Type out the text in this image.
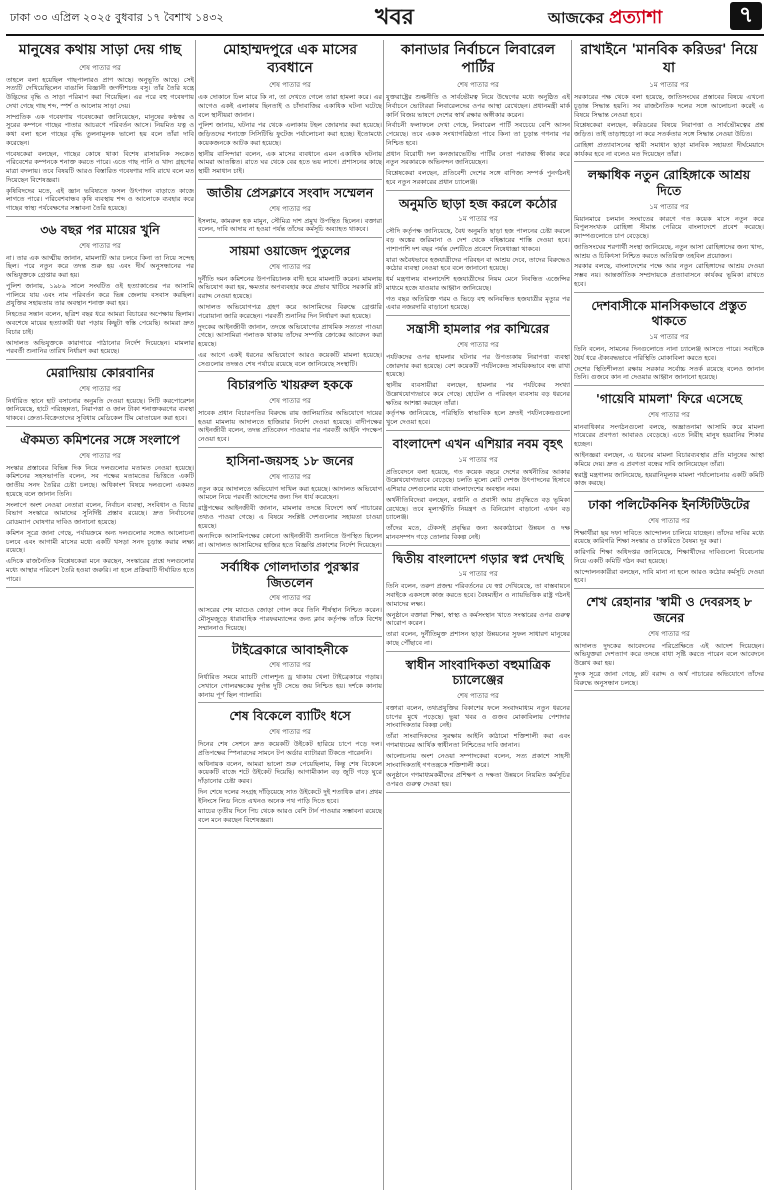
ঢাকা ৩০ এপ্রিল ২০২৫ বুধবার ১৭ বৈশাখ ১৪৩২	খবর	আজকের প্রত্যাশা	৭
মানুষের কথায় সাড়া দেয় গাছ
শেষ পাতার পর

তাহলে বলা হয়েছিল গাছপালারও প্রাণ আছে। অনুভূতি আছে। সেই সত্যটি দেখিয়েছিলেন বাঙালি বিজ্ঞানী জগদীশচন্দ্র বসু। তাঁর তৈরি যন্ত্রে উদ্ভিদের বৃদ্ধি ও সাড়া পরিমাপ করা গিয়েছিল। এর পরে বহু গবেষণায় দেখা গেছে গাছ শব্দ, স্পর্শ ও আলোয় সাড়া দেয়।

সাম্প্রতিক এক গবেষণায় গবেষকেরা জানিয়েছেন, মানুষের কণ্ঠস্বর ও সুরের কম্পনে গাছের পাতার আচরণে পরিবর্তন আসে। নিয়মিত যত্ন ও কথা বলা হলে গাছের বৃদ্ধি তুলনামূলক ভালো হয় বলে তাঁরা দাবি করেছেন।

গবেষকেরা বলছেন, গাছের কোষে থাকা বিশেষ রাসায়নিক সংকেত পরিবেশের কম্পনকে শনাক্ত করতে পারে। এতে গাছ পানি ও খাদ্য গ্রহণের মাত্রা বদলায়। তবে বিষয়টি আরও বিস্তারিত গবেষণার দাবি রাখে বলে মত দিয়েছেন বিশেষজ্ঞরা।

কৃষিবিদদের মতে, এই জ্ঞান ভবিষ্যতে ফসল উৎপাদন বাড়াতে কাজে লাগতে পারে। পরিবেশবান্ধব কৃষি ব্যবস্থায় শব্দ ও আলোকে ব্যবহার করে গাছের স্বাস্থ্য পর্যবেক্ষণের সম্ভাবনা তৈরি হয়েছে।

৩৬ বছর পর মায়ের খুনি
শেষ পাতার পর

না। তার এক আত্মীয় জানান, মামলাটি আর চলবে কিনা তা নিয়ে সন্দেহ ছিল। পরে নতুন করে তদন্ত শুরু হয় এবং দীর্ঘ অনুসন্ধানের পর অভিযুক্তকে গ্রেপ্তার করা হয়।

পুলিশ জানায়, ১৯৮৯ সালে সংঘটিত ওই হত্যাকাণ্ডের পর আসামি পালিয়ে যায় এবং নাম পরিবর্তন করে ভিন্ন জেলায় বসবাস করছিল। প্রযুক্তির সহায়তায় তার অবস্থান শনাক্ত করা হয়।

নিহতের সন্তান বলেন, ছত্রিশ বছর ধরে আমরা বিচারের অপেক্ষায় ছিলাম। অবশেষে মায়ের হত্যাকারী ধরা পড়ায় কিছুটা স্বস্তি পেয়েছি। আমরা দ্রুত বিচার চাই।

আদালত অভিযুক্তকে কারাগারে পাঠানোর নির্দেশ দিয়েছেন। মামলার পরবর্তী শুনানির তারিখ নির্ধারণ করা হয়েছে।

মেরাদিয়ায় কোরবানির
শেষ পাতার পর

নির্ধারিত স্থানে হাট বসানোর অনুমতি দেওয়া হয়েছে। সিটি করপোরেশন জানিয়েছে, হাটে পরিচ্ছন্নতা, নিরাপত্তা ও জাল টাকা শনাক্তকরণের ব্যবস্থা থাকবে। ক্রেতা-বিক্রেতাদের সুবিধায় মেডিকেল টিম মোতায়েন করা হবে।

ঐকমত্য কমিশনের সঙ্গে সংলাপে
শেষ পাতার পর

সংস্কার প্রস্তাবের বিভিন্ন দিক নিয়ে দলগুলোর মতামত নেওয়া হয়েছে। কমিশনের সহসভাপতি বলেন, সব পক্ষের মতামতের ভিত্তিতে একটি জাতীয় সনদ তৈরির চেষ্টা চলছে। অধিকাংশ বিষয়ে দলগুলো একমত হয়েছে বলে জানান তিনি।

সংলাপে অংশ নেওয়া নেতারা বলেন, নির্বাচন ব্যবস্থা, সংবিধান ও বিচার বিভাগ সংস্কারে আমাদের সুনির্দিষ্ট প্রস্তাব রয়েছে। দ্রুত নির্বাচনের রোডম্যাপ ঘোষণার দাবিও জানানো হয়েছে।

কমিশন সূত্রে জানা গেছে, পর্যায়ক্রমে অন্য দলগুলোর সঙ্গেও আলোচনা চলবে এবং আগামী মাসের মধ্যে একটি খসড়া সনদ চূড়ান্ত করার লক্ষ্য রয়েছে।

এদিকে রাজনৈতিক বিশ্লেষকেরা মনে করছেন, সংস্কারের প্রশ্নে দলগুলোর মধ্যে আস্থার পরিবেশ তৈরি হওয়া জরুরি। না হলে প্রক্রিয়াটি দীর্ঘায়িত হতে পারে।

মোহাম্মদপুরে এক মাসের ব্যবধানে
শেষ পাতার পর

এক দোকানে ঢিল মারে কি না, তা দেখতে গেলে তারা হামলা করে। এর আগেও একই এলাকায় ছিনতাই ও চাঁদাবাজির একাধিক ঘটনা ঘটেছে বলে স্থানীয়রা জানান।

পুলিশ জানায়, ঘটনার পর থেকে এলাকায় টহল জোরদার করা হয়েছে। জড়িতদের শনাক্তে সিসিটিভি ফুটেজ পর্যালোচনা করা হচ্ছে। ইতোমধ্যে কয়েকজনকে আটক করা হয়েছে।

স্থানীয় বাসিন্দারা বলেন, এক মাসের ব্যবধানে এমন একাধিক ঘটনায় আমরা আতঙ্কিত। রাতে ঘর থেকে বের হতে ভয় লাগে। প্রশাসনের কাছে স্থায়ী সমাধান চাই।

জাতীয় প্রেসক্লাবে সংবাদ সম্মেলন
শেষ পাতার পর

ইসলাম, কামরুল হক মামুন, সৌমিত্র দাশ প্রমুখ উপস্থিত ছিলেন। বক্তারা বলেন, দাবি আদায় না হওয়া পর্যন্ত তাঁদের কর্মসূচি অব্যাহত থাকবে।

সায়মা ওয়াজেদ পুতুলের
শেষ পাতার পর

দুর্নীতি দমন কমিশনের উপপরিচালক বাদী হয়ে মামলাটি করেন। মামলায় অভিযোগ করা হয়, ক্ষমতার অপব্যবহার করে প্রভাব খাটিয়ে সরকারি প্লট বরাদ্দ নেওয়া হয়েছে।

আদালত অভিযোগপত্র গ্রহণ করে আসামিদের বিরুদ্ধে গ্রেপ্তারি পরোয়ানা জারি করেছেন। পরবর্তী শুনানির দিন নির্ধারণ করা হয়েছে।

দুদকের আইনজীবী জানান, তদন্তে অভিযোগের প্রাথমিক সত্যতা পাওয়া গেছে। আসামিরা পলাতক থাকায় তাঁদের সম্পত্তি ক্রোকের আবেদন করা হয়েছে।

এর আগে একই ধরনের অভিযোগে আরও কয়েকটি মামলা হয়েছে। সেগুলোর তদন্তও শেষ পর্যায়ে রয়েছে বলে জানিয়েছে সংস্থাটি।

বিচারপতি খায়রুল হককে
শেষ পাতার পর

সাবেক প্রধান বিচারপতির বিরুদ্ধে রায় জালিয়াতির অভিযোগে দায়ের হওয়া মামলায় আদালতে হাজিরার নির্দেশ দেওয়া হয়েছে। বাদীপক্ষের আইনজীবী বলেন, তদন্ত প্রতিবেদন পাওয়ার পর পরবর্তী আইনি পদক্ষেপ নেওয়া হবে।

হাসিনা-জয়সহ ১৮ জনের
শেষ পাতার পর

নতুন করে আদালতে অভিযোগ দাখিল করা হয়েছে। আদালত অভিযোগ আমলে নিয়ে পরবর্তী আদেশের জন্য দিন ধার্য করেছেন।

রাষ্ট্রপক্ষের আইনজীবী জানান, মামলার তদন্তে বিদেশে অর্থ পাচারের তথ্যও পাওয়া গেছে। এ বিষয়ে সংশ্লিষ্ট দেশগুলোর সহায়তা চাওয়া হয়েছে।

অন্যদিকে আসামিপক্ষের কোনো আইনজীবী শুনানিতে উপস্থিত ছিলেন না। আদালত আসামিদের হাজির হতে বিজ্ঞপ্তি প্রকাশের নির্দেশ দিয়েছেন।

সর্বাধিক গোলদাতার পুরস্কার জিতলেন
শেষ পাতার পর

আসরের শেষ ম্যাচেও জোড়া গোল করে তিনি শীর্ষস্থান নিশ্চিত করেন। মৌসুমজুড়ে ধারাবাহিক পারফরম্যান্সের জন্য ক্লাব কর্তৃপক্ষ তাঁকে বিশেষ সম্মাননাও দিয়েছে।

টাইব্রেকারে আবাহনীকে
শেষ পাতার পর

নির্ধারিত সময়ে ম্যাচটি গোলশূন্য ড্র থাকায় খেলা টাইব্রেকারে গড়ায়। সেখানে গোলরক্ষকের দুর্দান্ত দুটি সেভে জয় নিশ্চিত হয়। দর্শকে কানায় কানায় পূর্ণ ছিল গ্যালারি।

শেষ বিকেলে ব্যাটিং ধসে
শেষ পাতার পর

দিনের শেষ সেশনে দ্রুত কয়েকটি উইকেট হারিয়ে চাপে পড়ে দল। প্রতিপক্ষের স্পিনারদের সামনে টপ অর্ডার ব্যাটাররা টিকতে পারেননি।

অধিনায়ক বলেন, আমরা ভালো শুরু পেয়েছিলাম, কিন্তু শেষ বিকেলে কয়েকটি বাজে শটে উইকেট দিয়েছি। আগামীকাল বড় জুটি গড়ে ঘুরে দাঁড়ানোর চেষ্টা করব।

দিন শেষে দলের সংগ্রহ দাঁড়িয়েছে সাত উইকেটে দুই শতাধিক রান। প্রথম ইনিংসে লিড নিতে এখনও অনেক পথ পাড়ি দিতে হবে।

ম্যাচের তৃতীয় দিনে পিচ থেকে আরও বেশি টার্ন পাওয়ার সম্ভাবনা রয়েছে বলে মনে করছেন বিশেষজ্ঞরা।

কানাডার নির্বাচনে লিবারেল পার্টির
শেষ পাতার পর

যুক্তরাষ্ট্রের শুল্কনীতি ও সার্বভৌমত্ব নিয়ে উদ্বেগের মধ্যে অনুষ্ঠিত এই নির্বাচনে ভোটাররা লিবারেলদের ওপর আস্থা রেখেছেন। প্রধানমন্ত্রী মার্ক কার্নি বিজয় ভাষণে দেশের স্বার্থ রক্ষার অঙ্গীকার করেন।

নির্বাচনী ফলাফলে দেখা গেছে, লিবারেল পার্টি সবচেয়ে বেশি আসন পেয়েছে। তবে একক সংখ্যাগরিষ্ঠতা পাবে কিনা তা চূড়ান্ত গণনার পর নিশ্চিত হবে।

প্রধান বিরোধী দল কনজারভেটিভ পার্টির নেতা পরাজয় স্বীকার করে নতুন সরকারকে অভিনন্দন জানিয়েছেন।

বিশ্লেষকেরা বলছেন, প্রতিবেশী দেশের সঙ্গে বাণিজ্য সম্পর্ক পুনর্গঠনই হবে নতুন সরকারের প্রধান চ্যালেঞ্জ।

অনুমতি ছাড়া হজ করলে কঠোর
১ম পাতার পর

সৌদি কর্তৃপক্ষ জানিয়েছে, বৈধ অনুমতি ছাড়া হজ পালনের চেষ্টা করলে বড় অঙ্কের জরিমানা ও দেশ থেকে বহিষ্কারের শাস্তি দেওয়া হবে। পাশাপাশি দশ বছর পর্যন্ত দেশটিতে প্রবেশে নিষেধাজ্ঞা থাকবে।

যারা অবৈধভাবে হজযাত্রীদের পরিবহন বা আশ্রয় দেবে, তাদের বিরুদ্ধেও কঠোর ব্যবস্থা নেওয়া হবে বলে জানানো হয়েছে।

ধর্ম মন্ত্রণালয় বাংলাদেশি হজযাত্রীদের নিয়ম মেনে নিবন্ধিত এজেন্সির মাধ্যমে হজে যাওয়ার আহ্বান জানিয়েছে।

গত বছর অতিরিক্ত গরম ও ভিড়ে বহু অনিবন্ধিত হজযাত্রীর মৃত্যুর পর এবার নজরদারি বাড়ানো হয়েছে।

সন্ত্রাসী হামলার পর কাশ্মিরের
শেষ পাতার পর

পর্যটকদের ওপর হামলার ঘটনার পর উপত্যকায় নিরাপত্তা ব্যবস্থা জোরদার করা হয়েছে। বেশ কয়েকটি পর্যটনকেন্দ্র সাময়িকভাবে বন্ধ রাখা হয়েছে।

স্থানীয় ব্যবসায়ীরা বলছেন, হামলার পর পর্যটকের সংখ্যা উল্লেখযোগ্যভাবে কমে গেছে। হোটেল ও পরিবহন ব্যবসায় বড় ধরনের ক্ষতির আশঙ্কা করছেন তাঁরা।

কর্তৃপক্ষ জানিয়েছে, পরিস্থিতি স্বাভাবিক হলে দ্রুতই পর্যটনকেন্দ্রগুলো খুলে দেওয়া হবে।

বাংলাদেশ এখন এশিয়ার নবম বৃহৎ
১ম পাতার পর

প্রতিবেদনে বলা হয়েছে, গত কয়েক বছরে দেশের অর্থনীতির আকার উল্লেখযোগ্যভাবে বেড়েছে। চলতি মূল্যে মোট দেশজ উৎপাদনের হিসাবে এশিয়ার দেশগুলোর মধ্যে বাংলাদেশের অবস্থান নবম।

অর্থনীতিবিদেরা বলছেন, রপ্তানি ও প্রবাসী আয় প্রবৃদ্ধিতে বড় ভূমিকা রেখেছে। তবে মূল্যস্ফীতি নিয়ন্ত্রণ ও বিনিয়োগ বাড়ানো এখন বড় চ্যালেঞ্জ।

তাঁদের মতে, টেকসই প্রবৃদ্ধির জন্য অবকাঠামো উন্নয়ন ও দক্ষ মানবসম্পদ গড়ে তোলার বিকল্প নেই।

দ্বিতীয় বাংলাদেশ গড়ার স্বপ্ন দেখছি
১ম পাতার পর

তিনি বলেন, তরুণ প্রজন্ম পরিবর্তনের যে স্বপ্ন দেখিয়েছে, তা বাস্তবায়নে সবাইকে একসঙ্গে কাজ করতে হবে। বৈষম্যহীন ও ন্যায়ভিত্তিক রাষ্ট্র গঠনই আমাদের লক্ষ্য।

অনুষ্ঠানে বক্তারা শিক্ষা, স্বাস্থ্য ও কর্মসংস্থান খাতে সংস্কারের ওপর গুরুত্ব আরোপ করেন।

তারা বলেন, দুর্নীতিমুক্ত প্রশাসন ছাড়া উন্নয়নের সুফল সাধারণ মানুষের কাছে পৌঁছাবে না।

স্বাধীন সাংবাদিকতা বহুমাত্রিক চ্যালেঞ্জের
শেষ পাতার পর

বক্তারা বলেন, তথ্যপ্রযুক্তির বিকাশের ফলে সংবাদমাধ্যম নতুন ধরনের চাপের মুখে পড়েছে। ভুয়া খবর ও গুজব মোকাবিলায় পেশাদার সাংবাদিকতার বিকল্প নেই।

তাঁরা সাংবাদিকদের সুরক্ষায় আইনি কাঠামো শক্তিশালী করা এবং গণমাধ্যমের আর্থিক স্বাধীনতা নিশ্চিতের দাবি জানান।

আলোচনায় অংশ নেওয়া সম্পাদকেরা বলেন, সত্য প্রকাশে সাহসী সাংবাদিকতাই গণতন্ত্রকে শক্তিশালী করে।

অনুষ্ঠানে গণমাধ্যমকর্মীদের প্রশিক্ষণ ও দক্ষতা উন্নয়নে নিয়মিত কর্মসূচির ওপরও গুরুত্ব দেওয়া হয়।

রাখাইনে 'মানবিক করিডর' নিয়ে যা
১ম পাতার পর

সরকারের পক্ষ থেকে বলা হয়েছে, জাতিসংঘের প্রস্তাবের বিষয়ে এখনো চূড়ান্ত সিদ্ধান্ত হয়নি। সব রাজনৈতিক দলের সঙ্গে আলোচনা করেই এ বিষয়ে সিদ্ধান্ত নেওয়া হবে।

বিশ্লেষকেরা বলছেন, করিডরের বিষয়ে নিরাপত্তা ও সার্বভৌমত্বের প্রশ্ন জড়িত। তাই তাড়াহুড়ো না করে সতর্কতার সঙ্গে সিদ্ধান্ত নেওয়া উচিত।

রোহিঙ্গা প্রত্যাবাসনের স্থায়ী সমাধান ছাড়া মানবিক সহায়তা দীর্ঘমেয়াদে কার্যকর হবে না বলেও মত দিয়েছেন তাঁরা।

লক্ষাধিক নতুন রোহিঙ্গাকে আশ্রয় দিতে
১ম পাতার পর

মিয়ানমারে চলমান সংঘাতের কারণে গত কয়েক মাসে নতুন করে বিপুলসংখ্যক রোহিঙ্গা সীমান্ত পেরিয়ে বাংলাদেশে প্রবেশ করেছে। ক্যাম্পগুলোতে চাপ বেড়েছে।

জাতিসংঘের শরণার্থী সংস্থা জানিয়েছে, নতুন আসা রোহিঙ্গাদের জন্য খাদ্য, আশ্রয় ও চিকিৎসা নিশ্চিত করতে অতিরিক্ত তহবিল প্রয়োজন।

সরকার বলছে, বাংলাদেশের পক্ষে আর নতুন রোহিঙ্গাদের আশ্রয় দেওয়া সম্ভব নয়। আন্তর্জাতিক সম্প্রদায়কে প্রত্যাবাসনে কার্যকর ভূমিকা রাখতে হবে।

দেশবাসীকে মানসিকভাবে প্রস্তুত থাকতে
১ম পাতার পর

তিনি বলেন, সামনের দিনগুলোতে নানা চ্যালেঞ্জ আসতে পারে। সবাইকে ধৈর্য ধরে ঐক্যবদ্ধভাবে পরিস্থিতি মোকাবিলা করতে হবে।

দেশের স্থিতিশীলতা রক্ষায় সরকার সর্বোচ্চ সতর্ক রয়েছে বলেও জানান তিনি। গুজবে কান না দেওয়ার আহ্বান জানানো হয়েছে।

'গায়েবি মামলা' ফিরে এসেছে
শেষ পাতার পর

মানবাধিকার সংগঠনগুলো বলছে, অজ্ঞাতনামা আসামি করে মামলা দায়েরের প্রবণতা আবারও বেড়েছে। এতে নিরীহ মানুষ হয়রানির শিকার হচ্ছেন।

আইনজ্ঞরা বলছেন, এ ধরনের মামলা বিচারব্যবস্থার প্রতি মানুষের আস্থা কমিয়ে দেয়। দ্রুত এ প্রবণতা বন্ধের দাবি জানিয়েছেন তাঁরা।

স্বরাষ্ট্র মন্ত্রণালয় জানিয়েছে, হয়রানিমূলক মামলা পর্যালোচনায় একটি কমিটি কাজ করছে।

ঢাকা পলিটেকনিক ইনস্টিটিউটের
শেষ পাতার পর

শিক্ষার্থীরা ছয় দফা দাবিতে আন্দোলন চালিয়ে যাচ্ছেন। তাঁদের দাবির মধ্যে রয়েছে কারিগরি শিক্ষা সংস্কার ও চাকরিতে বৈষম্য দূর করা।

কারিগরি শিক্ষা অধিদপ্তর জানিয়েছে, শিক্ষার্থীদের দাবিগুলো বিবেচনায় নিয়ে একটি কমিটি গঠন করা হয়েছে।

আন্দোলনকারীরা বলছেন, দাবি মানা না হলে আরও কঠোর কর্মসূচি দেওয়া হবে।

শেখ রেহানার 'স্বামী ও দেবরসহ ৮ জনের
শেষ পাতার পর

আদালত দুদকের আবেদনের পরিপ্রেক্ষিতে এই আদেশ দিয়েছেন। অভিযুক্তরা দেশত্যাগ করে তদন্তে বাধা সৃষ্টি করতে পারেন বলে আবেদনে উল্লেখ করা হয়।

দুদক সূত্রে জানা গেছে, প্লট বরাদ্দ ও অর্থ পাচারের অভিযোগে তাঁদের বিরুদ্ধে অনুসন্ধান চলছে।
